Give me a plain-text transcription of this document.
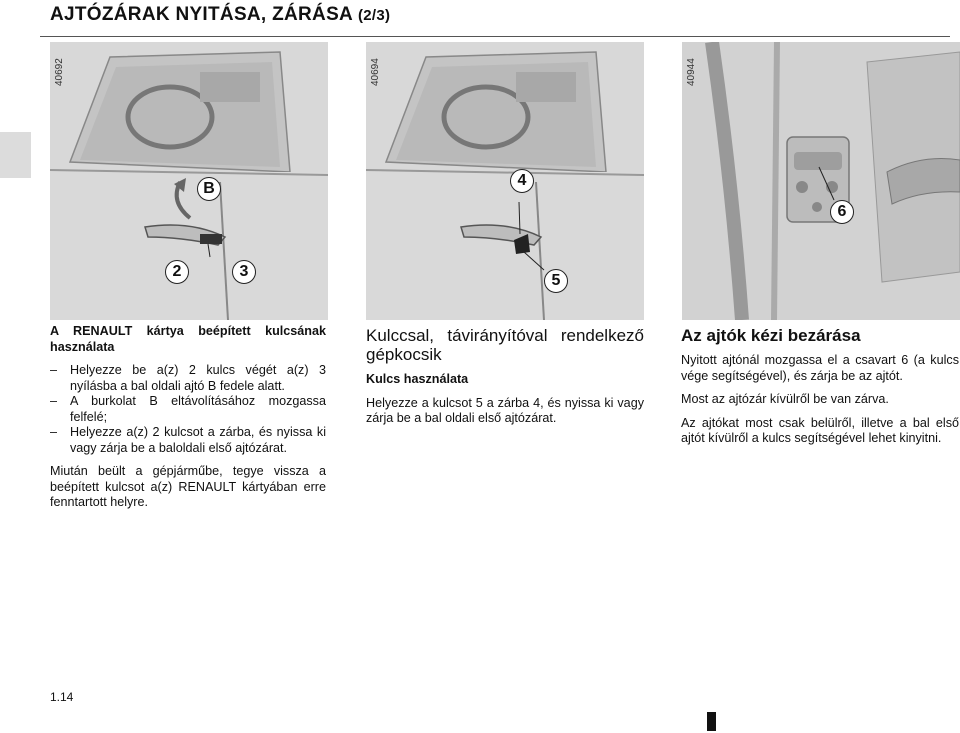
AJTÓZÁRAK NYITÁSA, ZÁRÁSA (2/3)
40692
B
2	3
40694
4
5
40944
6

A RENAULT kártya beépített kulcsának használata

– Helyezze be a(z) 2 kulcs végét a(z) 3 nyílásba a bal oldali ajtó B fedele alatt.
– A burkolat B eltávolításához mozgassa felfelé;
– Helyezze a(z) 2 kulcsot a zárba, és nyissa ki vagy zárja be a baloldali első ajtózárat.

Miután beült a gépjárműbe, tegye vissza a beépített kulcsot a(z) RENAULT kártyában erre fenntartott helyre.

Kulccsal, távirányítóval rendelkező gépkocsik

Kulcs használata

Helyezze a kulcsot 5 a zárba 4, és nyissa ki vagy zárja be a bal oldali első ajtózárat.

Az ajtók kézi bezárása

Nyitott ajtónál mozgassa el a csavart 6 (a kulcs vége segítségével), és zárja be az ajtót.

Most az ajtózár kívülről be van zárva.

Az ajtókat most csak belülről, illetve a bal első ajtót kívülről a kulcs segítségével lehet kinyitni.

1.14
